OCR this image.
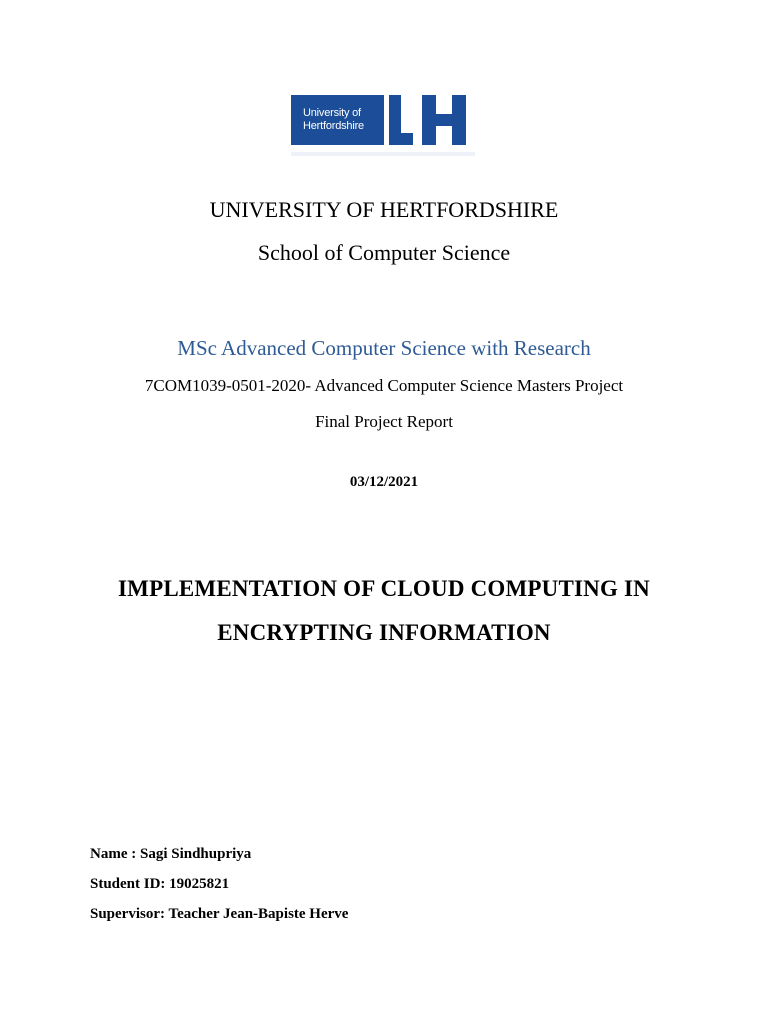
University of
Hertfordshire
UNIVERSITY OF HERTFORDSHIRE
School of Computer Science
MSc Advanced Computer Science with Research
7COM1039-0501-2020- Advanced Computer Science Masters Project
Final Project Report
03/12/2021
IMPLEMENTATION OF CLOUD COMPUTING IN
ENCRYPTING INFORMATION
Name : Sagi Sindhupriya
Student ID: 19025821
Supervisor: Teacher Jean-Bapiste Herve
